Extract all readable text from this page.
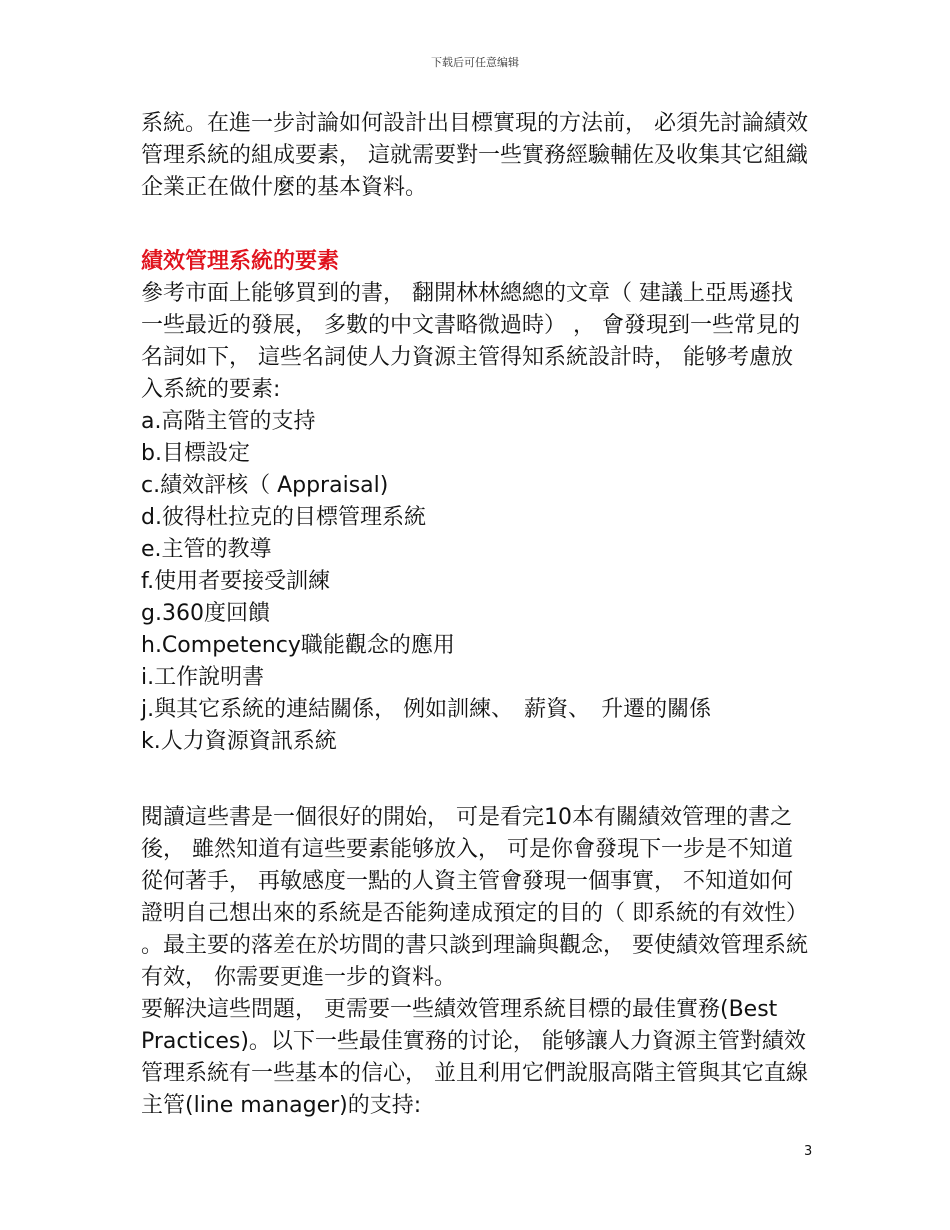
下载后可任意编辑

系統。在進一步討論如何設計出目標實現的方法前， 必須先討論績效管理系統的組成要素， 這就需要對一些實務經驗輔佐及收集其它組織企業正在做什麼的基本資料。

績效管理系統的要素

參考市面上能够買到的書， 翻開林林總總的文章（ 建議上亞馬遜找一些最近的發展， 多數的中文書略微過時） ， 會發現到一些常見的名詞如下， 這些名詞使人力資源主管得知系統設計時， 能够考慮放入系統的要素:

a.高階主管的支持
b.目標設定
c.績效評核（ Appraisal)
d.彼得杜拉克的目標管理系統
e.主管的教導
f.使用者要接受訓練
g.360度回饋
h.Competency職能觀念的應用
i.工作說明書
j.與其它系統的連結關係， 例如訓練、　薪資、　升遷的關係
k.人力資源資訊系統

閱讀這些書是一個很好的開始， 可是看完10本有關績效管理的書之後， 雖然知道有這些要素能够放入， 可是你會發現下一步是不知道從何著手， 再敏感度一點的人資主管會發現一個事實， 不知道如何證明自己想出來的系統是否能夠達成預定的目的（ 即系統的有效性） 。最主要的落差在於坊間的書只談到理論與觀念， 要使績效管理系統有效， 你需要更進一步的資料。

要解決這些問題， 更需要一些績效管理系統目標的最佳實務(Best Practices)。以下一些最佳實務的讨论， 能够讓人力資源主管對績效管理系統有一些基本的信心， 並且利用它們說服高階主管與其它直線主管(line manager)的支持:

3
